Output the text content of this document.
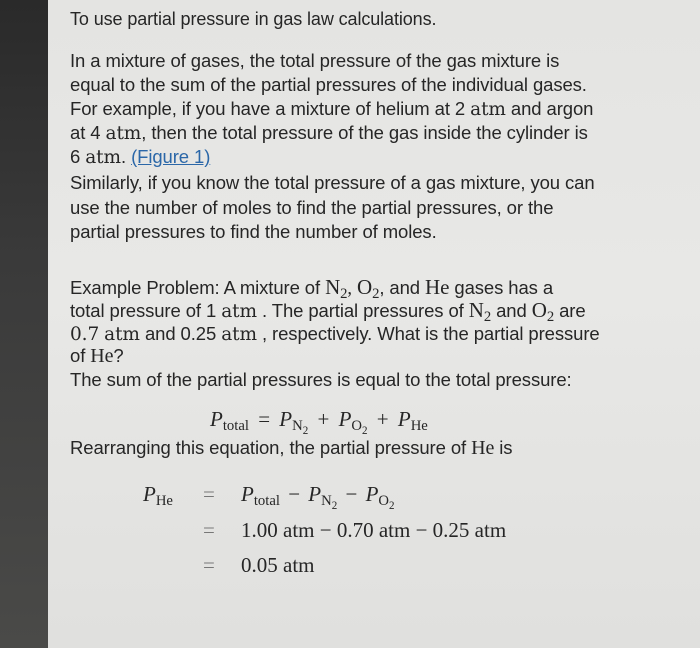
To use partial pressure in gas law calculations.
In a mixture of gases, the total pressure of the gas mixture is
equal to the sum of the partial pressures of the individual gases.
For example, if you have a mixture of helium at 2 atm and argon
at 4 atm, then the total pressure of the gas inside the cylinder is
6 atm. (Figure 1)
Similarly, if you know the total pressure of a gas mixture, you can
use the number of moles to find the partial pressures, or the
partial pressures to find the number of moles.
Example Problem: A mixture of $N_2$, $O_2$, and He gases has a
total pressure of 1 atm . The partial pressures of $N_2$ and $O_2$ are
0.7 atm and 0.25 atm , respectively. What is the partial pressure
of He?
The sum of the partial pressures is equal to the total pressure:
$P_{total} = P_{N_2} + P_{O_2} + P_{He}$
Rearranging this equation, the partial pressure of He is
$P_{He} = P_{total} - P_{N_2} - P_{O_2}$
= 1.00 atm − 0.70 atm − 0.25 atm
= 0.05 atm
